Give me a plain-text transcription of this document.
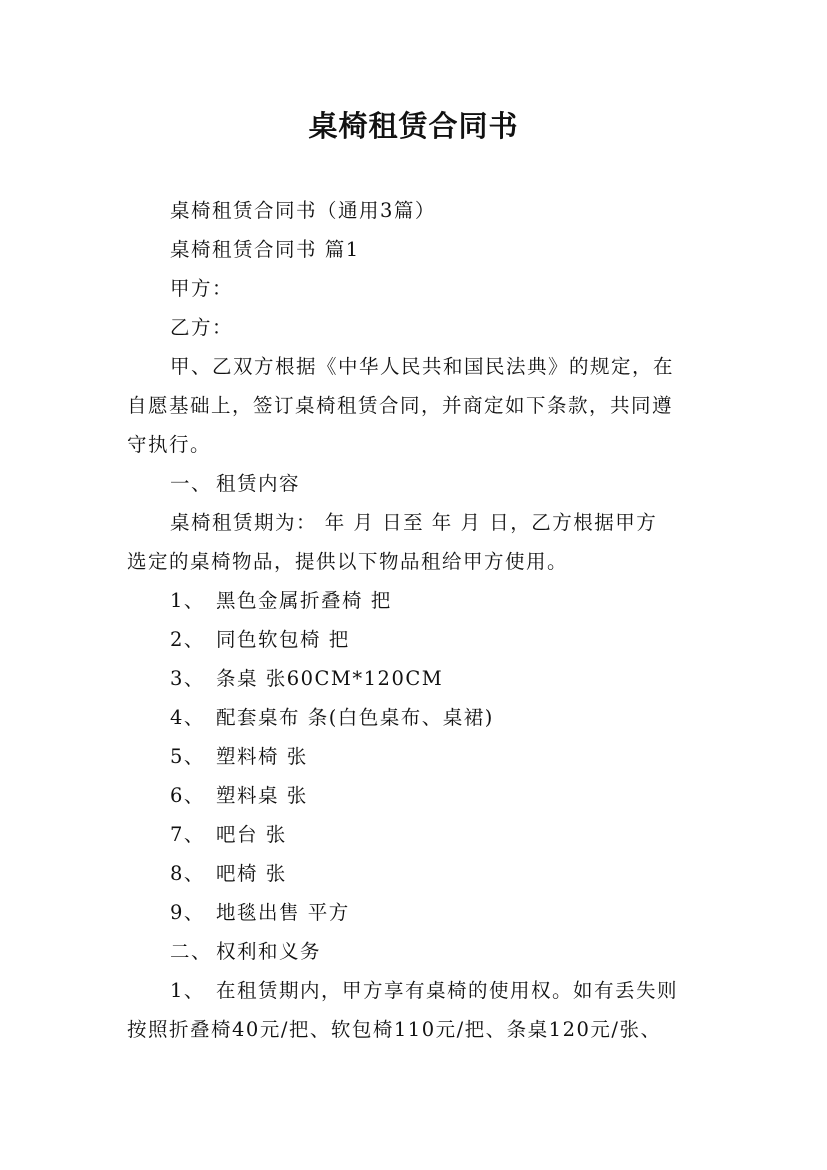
桌椅租赁合同书

桌椅租赁合同书（通用3篇）

桌椅租赁合同书 篇1

甲方：

乙方：

甲、乙双方根据《中华人民共和国民法典》的规定，在

自愿基础上，签订桌椅租赁合同，并商定如下条款，共同遵

守执行。

一、 租赁内容

桌椅租赁期为： 年 月 日至 年 月 日，乙方根据甲方

选定的桌椅物品，提供以下物品租给甲方使用。

1、 黑色金属折叠椅 把

2、 同色软包椅 把

3、 条桌 张60CM*120CM

4、 配套桌布 条(白色桌布、桌裙)

5、 塑料椅 张

6、 塑料桌 张

7、 吧台 张

8、 吧椅 张

9、 地毯出售 平方

二、 权利和义务

1、 在租赁期内，甲方享有桌椅的使用权。如有丢失则

按照折叠椅40元/把、软包椅110元/把、条桌120元/张、
